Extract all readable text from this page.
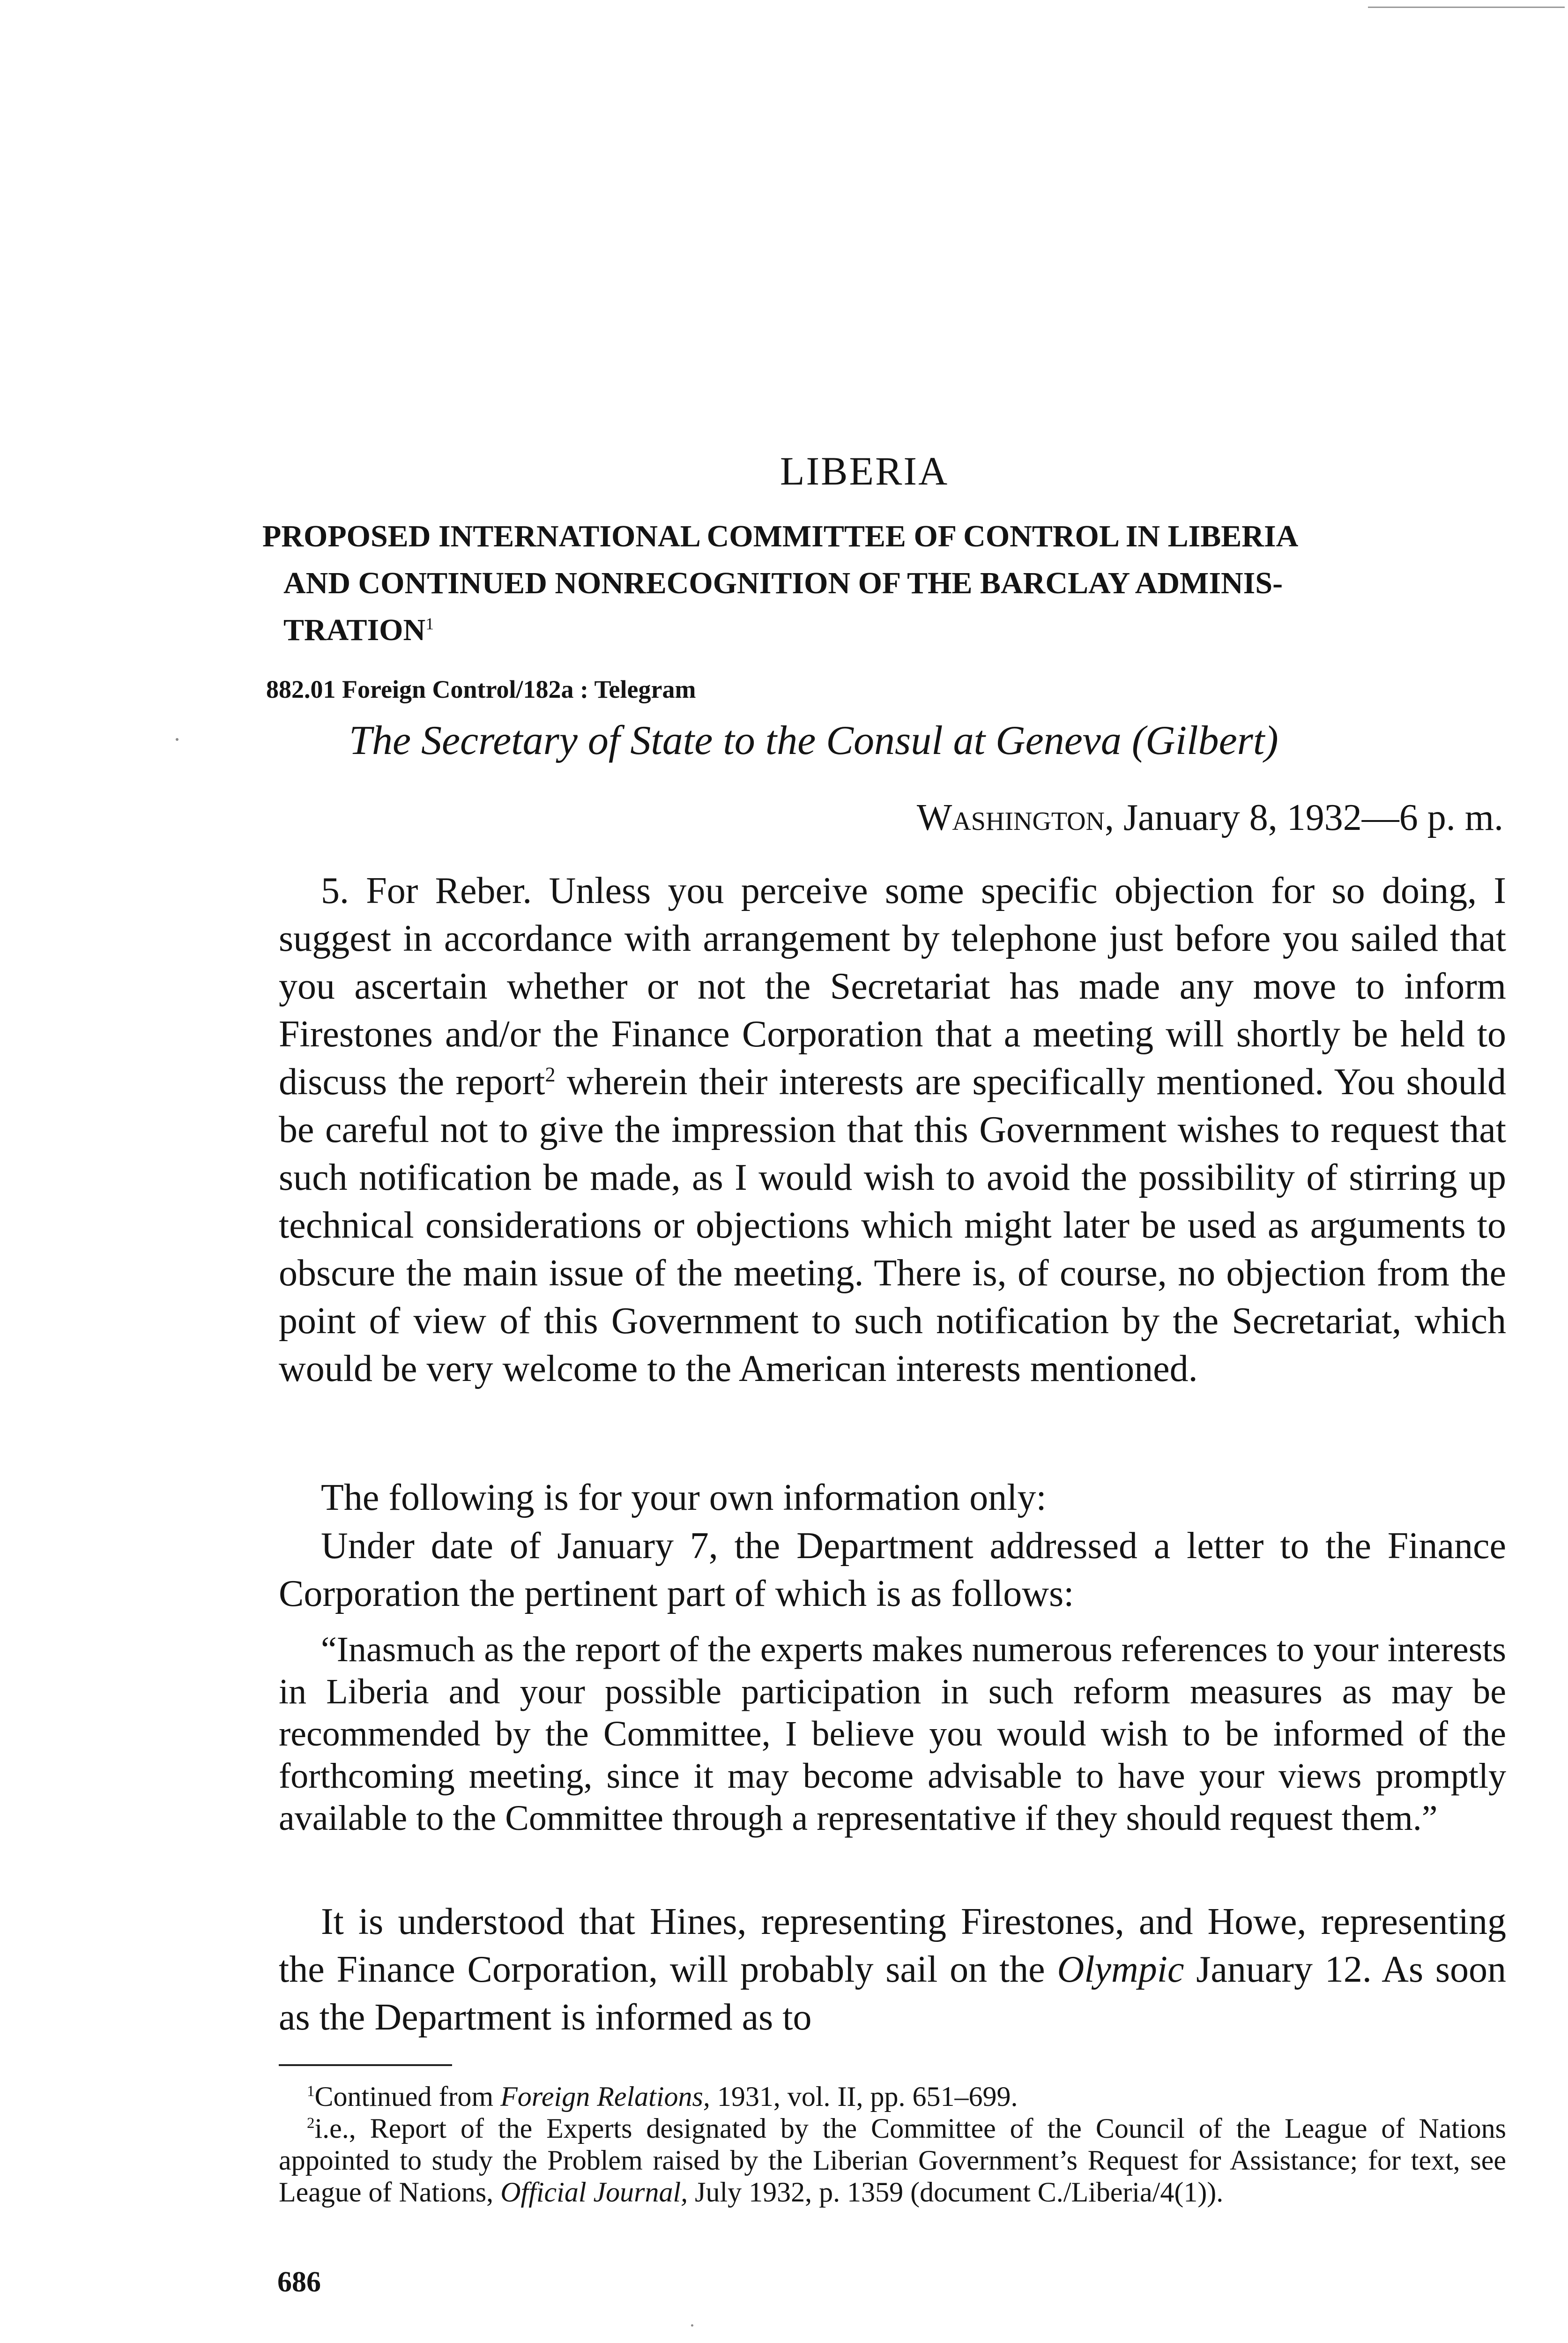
LIBERIA
PROPOSED INTERNATIONAL COMMITTEE OF CONTROL IN LIBERIA
AND CONTINUED NONRECOGNITION OF THE BARCLAY ADMINIS-
TRATION$^1$
882.01 Foreign Control/182a : Telegram
The Secretary of State to the Consul at Geneva (Gilbert)
Washington, January 8, 1932—6 p. m.

5. For Reber. Unless you perceive some specific objection for so doing, I suggest in accordance with arrangement by telephone just before you sailed that you ascertain whether or not the Secretariat has made any move to inform Firestones and/or the Finance Corporation that a meeting will shortly be held to discuss the report$^2$ wherein their interests are specifically mentioned. You should be careful not to give the impression that this Government wishes to request that such notification be made, as I would wish to avoid the possibility of stirring up technical considerations or objections which might later be used as arguments to obscure the main issue of the meeting. There is, of course, no objection from the point of view of this Government to such notification by the Secretariat, which would be very welcome to the American interests mentioned.

The following is for your own information only:

Under date of January 7, the Department addressed a letter to the Finance Corporation the pertinent part of which is as follows:

“Inasmuch as the report of the experts makes numerous references to your interests in Liberia and your possible participation in such reform measures as may be recommended by the Committee, I believe you would wish to be informed of the forthcoming meeting, since it may become advisable to have your views promptly available to the Committee through a representative if they should request them.”

It is understood that Hines, representing Firestones, and Howe, representing the Finance Corporation, will probably sail on the Olympic January 12. As soon as the Department is informed as to

$^1$Continued from Foreign Relations, 1931, vol. II, pp. 651–699.

$^2$i.e., Report of the Experts designated by the Committee of the Council of the League of Nations appointed to study the Problem raised by the Liberian Government’s Request for Assistance; for text, see League of Nations, Official Journal, July 1932, p. 1359 (document C./Liberia/4(1)).

686
